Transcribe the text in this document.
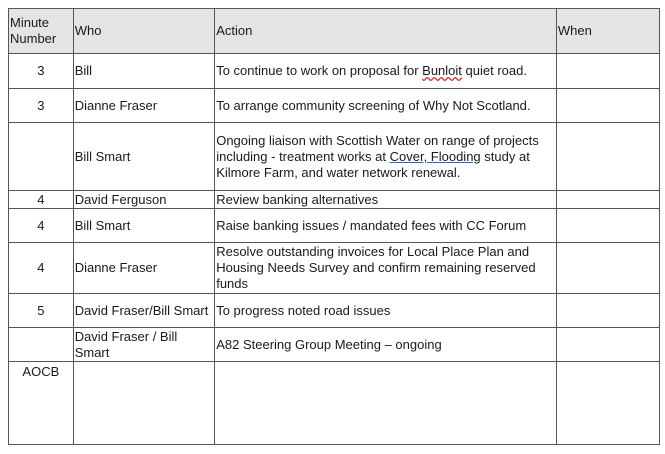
Minute Number	Who	Action	When
3	Bill	To continue to work on proposal for Bunloit quiet road.	
3	Dianne Fraser	To arrange community screening of Why Not Scotland.	
	Bill Smart	Ongoing liaison with Scottish Water on range of projects including - treatment works at Cover, Flooding study at Kilmore Farm, and water network renewal.	
4	David Ferguson	Review banking alternatives	
4	Bill Smart	Raise banking issues / mandated fees with CC Forum	
4	Dianne Fraser	Resolve outstanding invoices for Local Place Plan and Housing Needs Survey and confirm remaining reserved funds	
5	David Fraser/Bill Smart	To progress noted road issues	
	David Fraser / Bill Smart	A82 Steering Group Meeting – ongoing	
AOCB			
